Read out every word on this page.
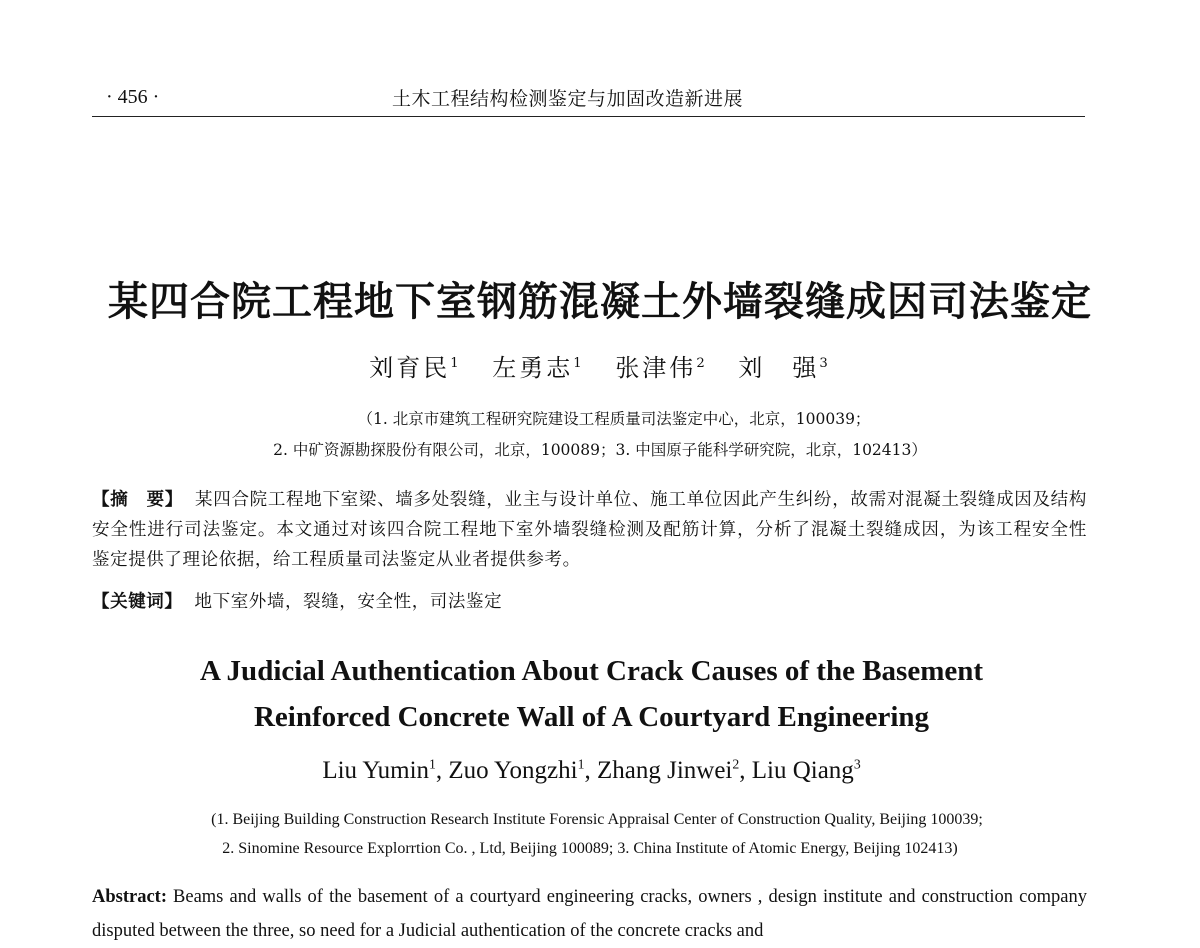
· 456 ·	土木工程结构检测鉴定与加固改造新进展
某四合院工程地下室钢筋混凝土外墙裂缝成因司法鉴定
刘育民$^1$ 左勇志$^1$ 张津伟$^2$ 刘　强$^3$
（1. 北京市建筑工程研究院建设工程质量司法鉴定中心，北京，100039；
2. 中矿资源勘探股份有限公司，北京，100089；3. 中国原子能科学研究院，北京，102413）
【摘　要】 某四合院工程地下室梁、墙多处裂缝，业主与设计单位、施工单位因此产生纠纷，故需对混凝土裂缝成因及结构安全性进行司法鉴定。本文通过对该四合院工程地下室外墙裂缝检测及配筋计算，分析了混凝土裂缝成因，为该工程安全性鉴定提供了理论依据，给工程质量司法鉴定从业者提供参考。
【关键词】 地下室外墙，裂缝，安全性，司法鉴定
A Judicial Authentication About Crack Causes of the Basement
Reinforced Concrete Wall of A Courtyard Engineering
Liu Yumin$^1$, Zuo Yongzhi$^1$, Zhang Jinwei$^2$, Liu Qiang$^3$
(1. Beijing Building Construction Research Institute Forensic Appraisal Center of Construction Quality, Beijing 100039;
2. Sinomine Resource Explorrtion Co. , Ltd, Beijing 100089; 3. China Institute of Atomic Energy, Beijing 102413)
Abstract: Beams and walls of the basement of a courtyard engineering cracks, owners , design institute and construction company disputed between the three, so need for a Judicial authentication of the concrete cracks and
